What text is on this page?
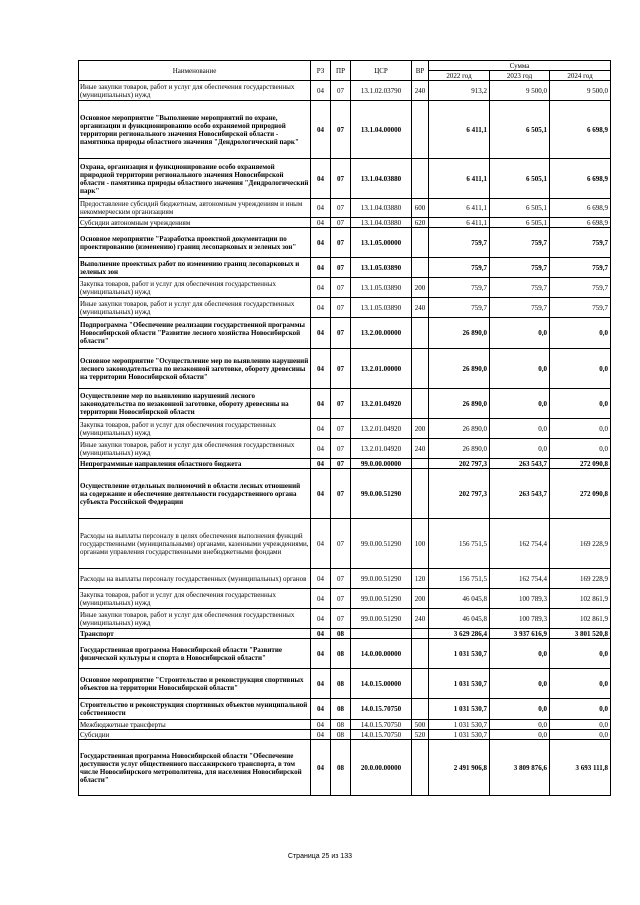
Наименование	РЗ	ПР	ЦСР	ВР	Сумма		
					2022 год	2023 год	2024 год
Иные закупки товаров, работ и услуг для обеспечения государственных (муниципальных) нужд	04	07	13.1.02.03790	240	913,2	9 500,0	9 500,0
Основное мероприятие "Выполнение мероприятий по охране, организации и функционированию особо охраняемой природной территории регионального значения Новосибирской области - памятника природы областного значения "Дендрологический парк"	04	07	13.1.04.00000		6 411,1	6 505,1	6 698,9
Охрана, организация и функционирование особо охраняемой природной территории регионального значения Новосибирской области - памятника природы областного значения "Дендрологический парк"	04	07	13.1.04.03880		6 411,1	6 505,1	6 698,9
Предоставление субсидий бюджетным, автономным учреждениям и иным некоммерческим организациям	04	07	13.1.04.03880	600	6 411,1	6 505,1	6 698,9
Субсидии автономным учреждениям	04	07	13.1.04.03880	620	6 411,1	6 505,1	6 698,9
Основное мероприятие "Разработка проектной документации по проектированию (изменению) границ лесопарковых и зеленых зон"	04	07	13.1.05.00000		759,7	759,7	759,7
Выполнение проектных работ по изменению границ лесопарковых и зеленых зон	04	07	13.1.05.03890		759,7	759,7	759,7
Закупка товаров, работ и услуг для обеспечения государственных (муниципальных) нужд	04	07	13.1.05.03890	200	759,7	759,7	759,7
Иные закупки товаров, работ и услуг для обеспечения государственных (муниципальных) нужд	04	07	13.1.05.03890	240	759,7	759,7	759,7
Подпрограмма "Обеспечение реализации государственной программы Новосибирской области "Развитие лесного хозяйства Новосибирской области"	04	07	13.2.00.00000		26 890,0	0,0	0,0
Основное мероприятие "Осуществление мер по выявлению нарушений лесного законодательства по незаконной заготовке, обороту древесины на территории Новосибирской области"	04	07	13.2.01.00000		26 890,0	0,0	0,0
Осуществление мер по выявлению нарушений лесного законодательства по незаконной заготовке, обороту древесины на территории Новосибирской области	04	07	13.2.01.04920		26 890,0	0,0	0,0
Закупка товаров, работ и услуг для обеспечения государственных (муниципальных) нужд	04	07	13.2.01.04920	200	26 890,0	0,0	0,0
Иные закупки товаров, работ и услуг для обеспечения государственных (муниципальных) нужд	04	07	13.2.01.04920	240	26 890,0	0,0	0,0
Непрограммные направления областного бюджета	04	07	99.0.00.00000		202 797,3	263 543,7	272 090,8
Осуществление отдельных полномочий в области лесных отношений на содержание и обеспечение деятельности государственного органа субъекта Российской Федерации	04	07	99.0.00.51290		202 797,3	263 543,7	272 090,8
Расходы на выплаты персоналу в целях обеспечения выполнения функций государственными (муниципальными) органами, казенными учреждениями, органами управления государственными внебюджетными фондами	04	07	99.0.00.51290	100	156 751,5	162 754,4	169 228,9
Расходы на выплаты персоналу государственных (муниципальных) органов	04	07	99.0.00.51290	120	156 751,5	162 754,4	169 228,9
Закупка товаров, работ и услуг для обеспечения государственных (муниципальных) нужд	04	07	99.0.00.51290	200	46 045,8	100 789,3	102 861,9
Иные закупки товаров, работ и услуг для обеспечения государственных (муниципальных) нужд	04	07	99.0.00.51290	240	46 045,8	100 789,3	102 861,9
Транспорт	04	08			3 629 286,4	3 937 616,9	3 801 520,8
Государственная программа Новосибирской области "Развитие физической культуры и спорта в Новосибирской области"	04	08	14.0.00.00000		1 031 530,7	0,0	0,0
Основное мероприятие "Строительство и реконструкция спортивных объектов на территории Новосибирской области"	04	08	14.0.15.00000		1 031 530,7	0,0	0,0
Строительство и реконструкция спортивных объектов муниципальной собственности	04	08	14.0.15.70750		1 031 530,7	0,0	0,0
Межбюджетные трансферты	04	08	14.0.15.70750	500	1 031 530,7	0,0	0,0
Субсидии	04	08	14.0.15.70750	520	1 031 530,7	0,0	0,0
Государственная программа Новосибирской области "Обеспечение доступности услуг общественного пассажирского транспорта, в том числе Новосибирского метрополитена, для населения Новосибирской области"	04	08	20.0.00.00000		2 491 906,8	3 809 876,6	3 693 111,8
Страница 25 из 133
